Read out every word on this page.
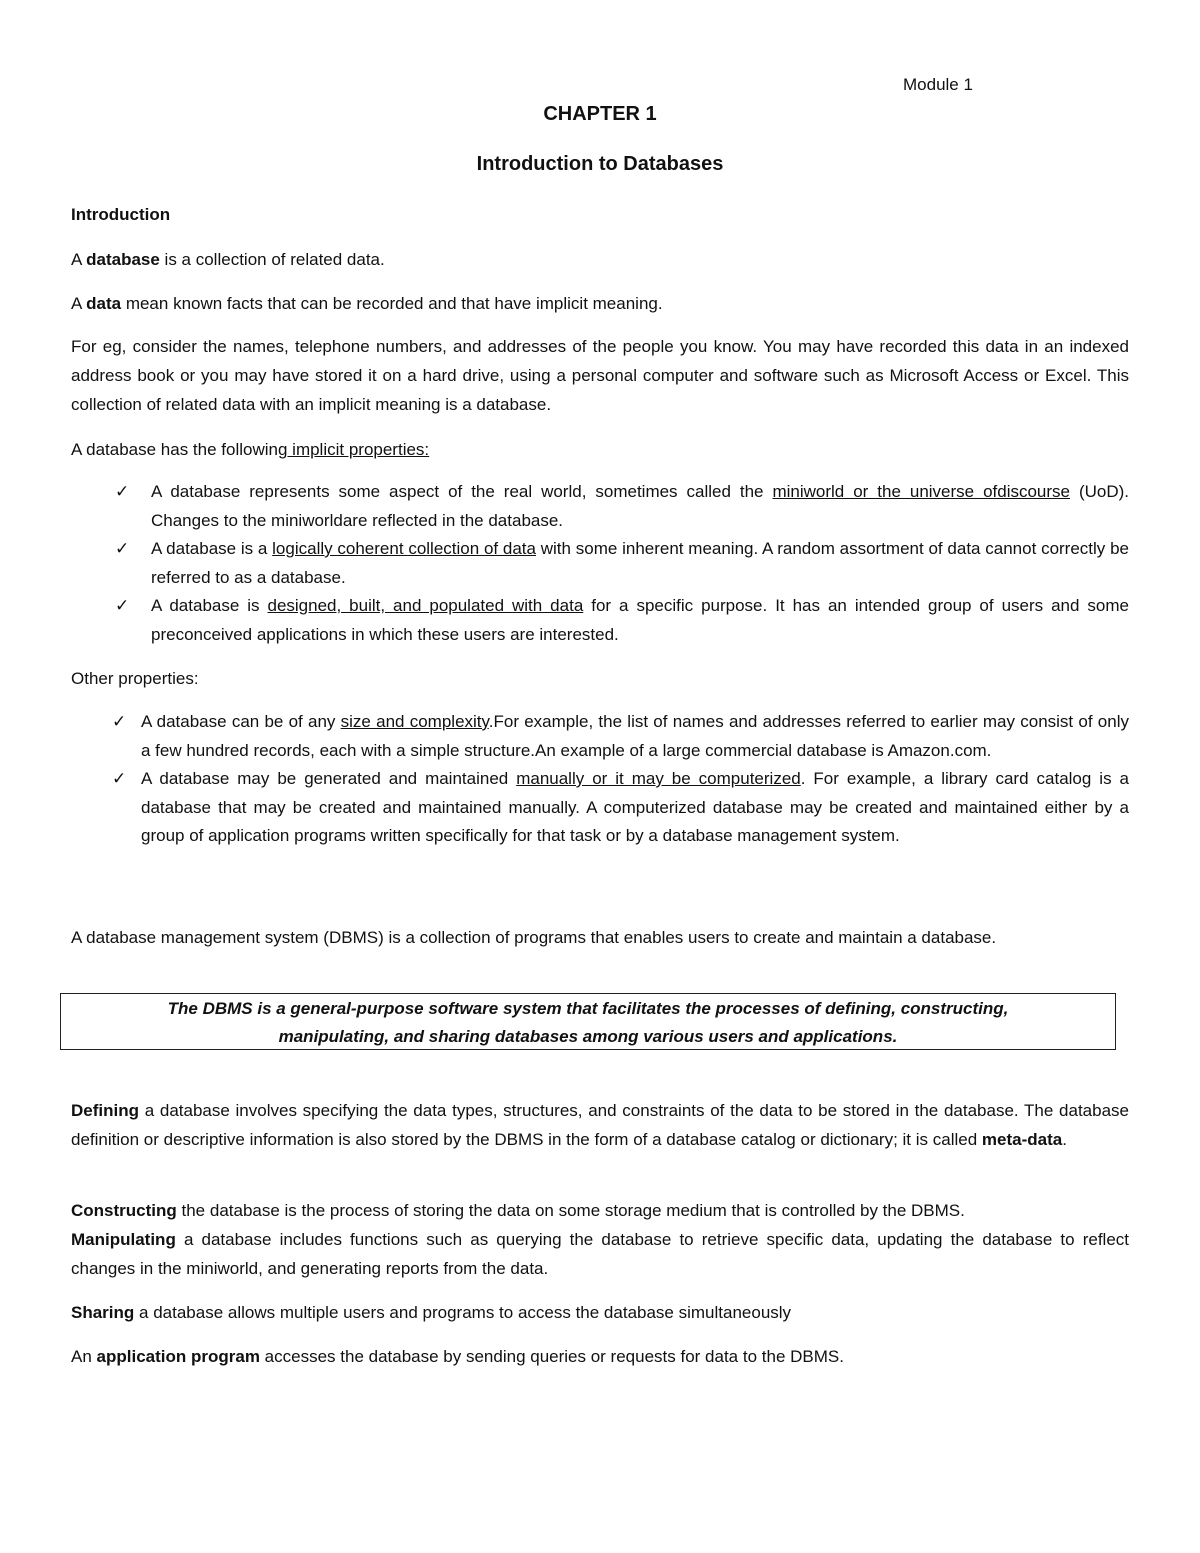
Module 1
CHAPTER 1
Introduction to Databases

Introduction

A database is a collection of related data.

A data mean known facts that can be recorded and that have implicit meaning.

For eg, consider the names, telephone numbers, and addresses of the people you know. You may have recorded this data in an indexed address book or you may have stored it on a hard drive, using a personal computer and software such as Microsoft Access or Excel. This collection of related data with an implicit meaning is a database.

A database has the following implicit properties:

✓ A database represents some aspect of the real world, sometimes called the miniworld or the universe ofdiscourse (UoD). Changes to the miniworldare reflected in the database.
✓ A database is a logically coherent collection of data with some inherent meaning. A random assortment of data cannot correctly be referred to as a database.
✓ A database is designed, built, and populated with data for a specific purpose. It has an intended group of users and some preconceived applications in which these users are interested.

Other properties:

✓ A database can be of any size and complexity.For example, the list of names and addresses referred to earlier may consist of only a few hundred records, each with a simple structure.An example of a large commercial database is Amazon.com.
✓ A database may be generated and maintained manually or it may be computerized. For example, a library card catalog is a database that may be created and maintained manually. A computerized database may be created and maintained either by a group of application programs written specifically for that task or by a database management system.

A database management system (DBMS) is a collection of programs that enables users to create and maintain a database.

The DBMS is a general-purpose software system that facilitates the processes of defining, constructing,
manipulating, and sharing databases among various users and applications.

Defining a database involves specifying the data types, structures, and constraints of the data to be stored in the database. The database definition or descriptive information is also stored by the DBMS in the form of a database catalog or dictionary; it is called meta-data.

Constructing the database is the process of storing the data on some storage medium that is controlled by the DBMS.
Manipulating a database includes functions such as querying the database to retrieve specific data, updating the database to reflect changes in the miniworld, and generating reports from the data.

Sharing a database allows multiple users and programs to access the database simultaneously

An application program accesses the database by sending queries or requests for data to the DBMS.
